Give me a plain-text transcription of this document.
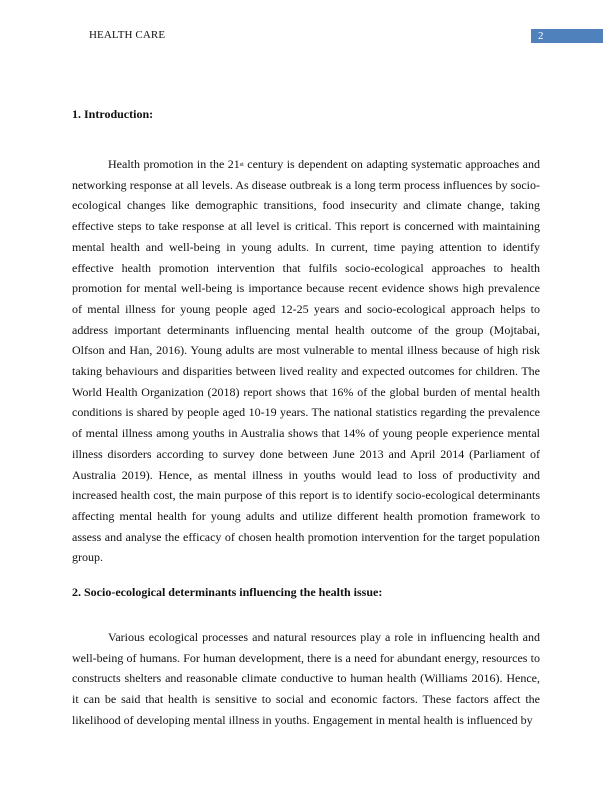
HEALTH CARE	2
1. Introduction:

Health promotion in the 21st century is dependent on adapting systematic approaches and networking response at all levels. As disease outbreak is a long term process influences by socio-ecological changes like demographic transitions, food insecurity and climate change, taking effective steps to take response at all level is critical. This report is concerned with maintaining mental health and well-being in young adults. In current, time paying attention to identify effective health promotion intervention that fulfils socio-ecological approaches to health promotion for mental well-being is importance because recent evidence shows high prevalence of mental illness for young people aged 12-25 years and socio-ecological approach helps to address important determinants influencing mental health outcome of the group (Mojtabai, Olfson and Han, 2016). Young adults are most vulnerable to mental illness because of high risk taking behaviours and disparities between lived reality and expected outcomes for children. The World Health Organization (2018) report shows that 16% of the global burden of mental health conditions is shared by people aged 10-19 years. The national statistics regarding the prevalence of mental illness among youths in Australia shows that 14% of young people experience mental illness disorders according to survey done between June 2013 and April 2014 (Parliament of Australia 2019). Hence, as mental illness in youths would lead to loss of productivity and increased health cost, the main purpose of this report is to identify socio-ecological determinants affecting mental health for young adults and utilize different health promotion framework to assess and analyse the efficacy of chosen health promotion intervention for the target population group.

2. Socio-ecological determinants influencing the health issue:

Various ecological processes and natural resources play a role in influencing health and well-being of humans. For human development, there is a need for abundant energy, resources to constructs shelters and reasonable climate conductive to human health (Williams 2016). Hence, it can be said that health is sensitive to social and economic factors. These factors affect the likelihood of developing mental illness in youths. Engagement in mental health is influenced by
